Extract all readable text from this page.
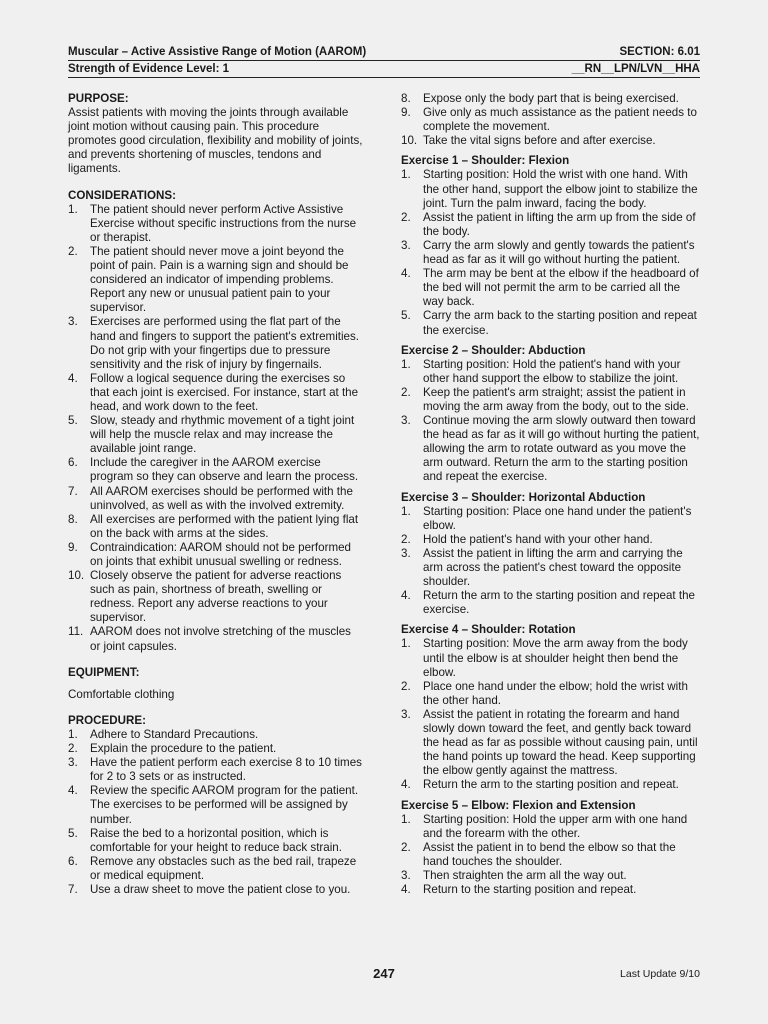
Muscular – Active Assistive Range of Motion (AAROM)	SECTION: 6.01
Strength of Evidence Level: 1	__RN__LPN/LVN__HHA
PURPOSE:
Assist patients with moving the joints through available joint motion without causing pain. This procedure promotes good circulation, flexibility and mobility of joints, and prevents shortening of muscles, tendons and ligaments.
CONSIDERATIONS:
1.	The patient should never perform Active Assistive Exercise without specific instructions from the nurse or therapist.
2.	The patient should never move a joint beyond the point of pain. Pain is a warning sign and should be considered an indicator of impending problems. Report any new or unusual patient pain to your supervisor.
3.	Exercises are performed using the flat part of the hand and fingers to support the patient's extremities. Do not grip with your fingertips due to pressure sensitivity and the risk of injury by fingernails.
4.	Follow a logical sequence during the exercises so that each joint is exercised. For instance, start at the head, and work down to the feet.
5.	Slow, steady and rhythmic movement of a tight joint will help the muscle relax and may increase the available joint range.
6.	Include the caregiver in the AAROM exercise program so they can observe and learn the process.
7.	All AAROM exercises should be performed with the uninvolved, as well as with the involved extremity.
8.	All exercises are performed with the patient lying flat on the back with arms at the sides.
9.	Contraindication: AAROM should not be performed on joints that exhibit unusual swelling or redness.
10. Closely observe the patient for adverse reactions such as pain, shortness of breath, swelling or redness. Report any adverse reactions to your supervisor.
11. AAROM does not involve stretching of the muscles or joint capsules.
EQUIPMENT:
Comfortable clothing
PROCEDURE:
1.	Adhere to Standard Precautions.
2.	Explain the procedure to the patient.
3.	Have the patient perform each exercise 8 to 10 times for 2 to 3 sets or as instructed.
4.	Review the specific AAROM program for the patient. The exercises to be performed will be assigned by number.
5.	Raise the bed to a horizontal position, which is comfortable for your height to reduce back strain.
6.	Remove any obstacles such as the bed rail, trapeze or medical equipment.
7.	Use a draw sheet to move the patient close to you.
8.	Expose only the body part that is being exercised.
9.	Give only as much assistance as the patient needs to complete the movement.
10. Take the vital signs before and after exercise.
Exercise 1 – Shoulder: Flexion
1.	Starting position: Hold the wrist with one hand. With the other hand, support the elbow joint to stabilize the joint. Turn the palm inward, facing the body.
2.	Assist the patient in lifting the arm up from the side of the body.
3.	Carry the arm slowly and gently towards the patient's head as far as it will go without hurting the patient.
4.	The arm may be bent at the elbow if the headboard of the bed will not permit the arm to be carried all the way back.
5.	Carry the arm back to the starting position and repeat the exercise.
Exercise 2 – Shoulder: Abduction
1.	Starting position: Hold the patient's hand with your other hand support the elbow to stabilize the joint.
2.	Keep the patient's arm straight; assist the patient in moving the arm away from the body, out to the side.
3.	Continue moving the arm slowly outward then toward the head as far as it will go without hurting the patient, allowing the arm to rotate outward as you move the arm outward. Return the arm to the starting position and repeat the exercise.
Exercise 3 – Shoulder: Horizontal Abduction
1.	Starting position: Place one hand under the patient's elbow.
2.	Hold the patient's hand with your other hand.
3.	Assist the patient in lifting the arm and carrying the arm across the patient's chest toward the opposite shoulder.
4.	Return the arm to the starting position and repeat the exercise.
Exercise 4 – Shoulder: Rotation
1.	Starting position: Move the arm away from the body until the elbow is at shoulder height then bend the elbow.
2.	Place one hand under the elbow; hold the wrist with the other hand.
3.	Assist the patient in rotating the forearm and hand slowly down toward the feet, and gently back toward the head as far as possible without causing pain, until the hand points up toward the head. Keep supporting the elbow gently against the mattress.
4.	Return the arm to the starting position and repeat.
Exercise 5 – Elbow: Flexion and Extension
1.	Starting position: Hold the upper arm with one hand and the forearm with the other.
2.	Assist the patient in to bend the elbow so that the hand touches the shoulder.
3.	Then straighten the arm all the way out.
4.	Return to the starting position and repeat.
247	Last Update 9/10
